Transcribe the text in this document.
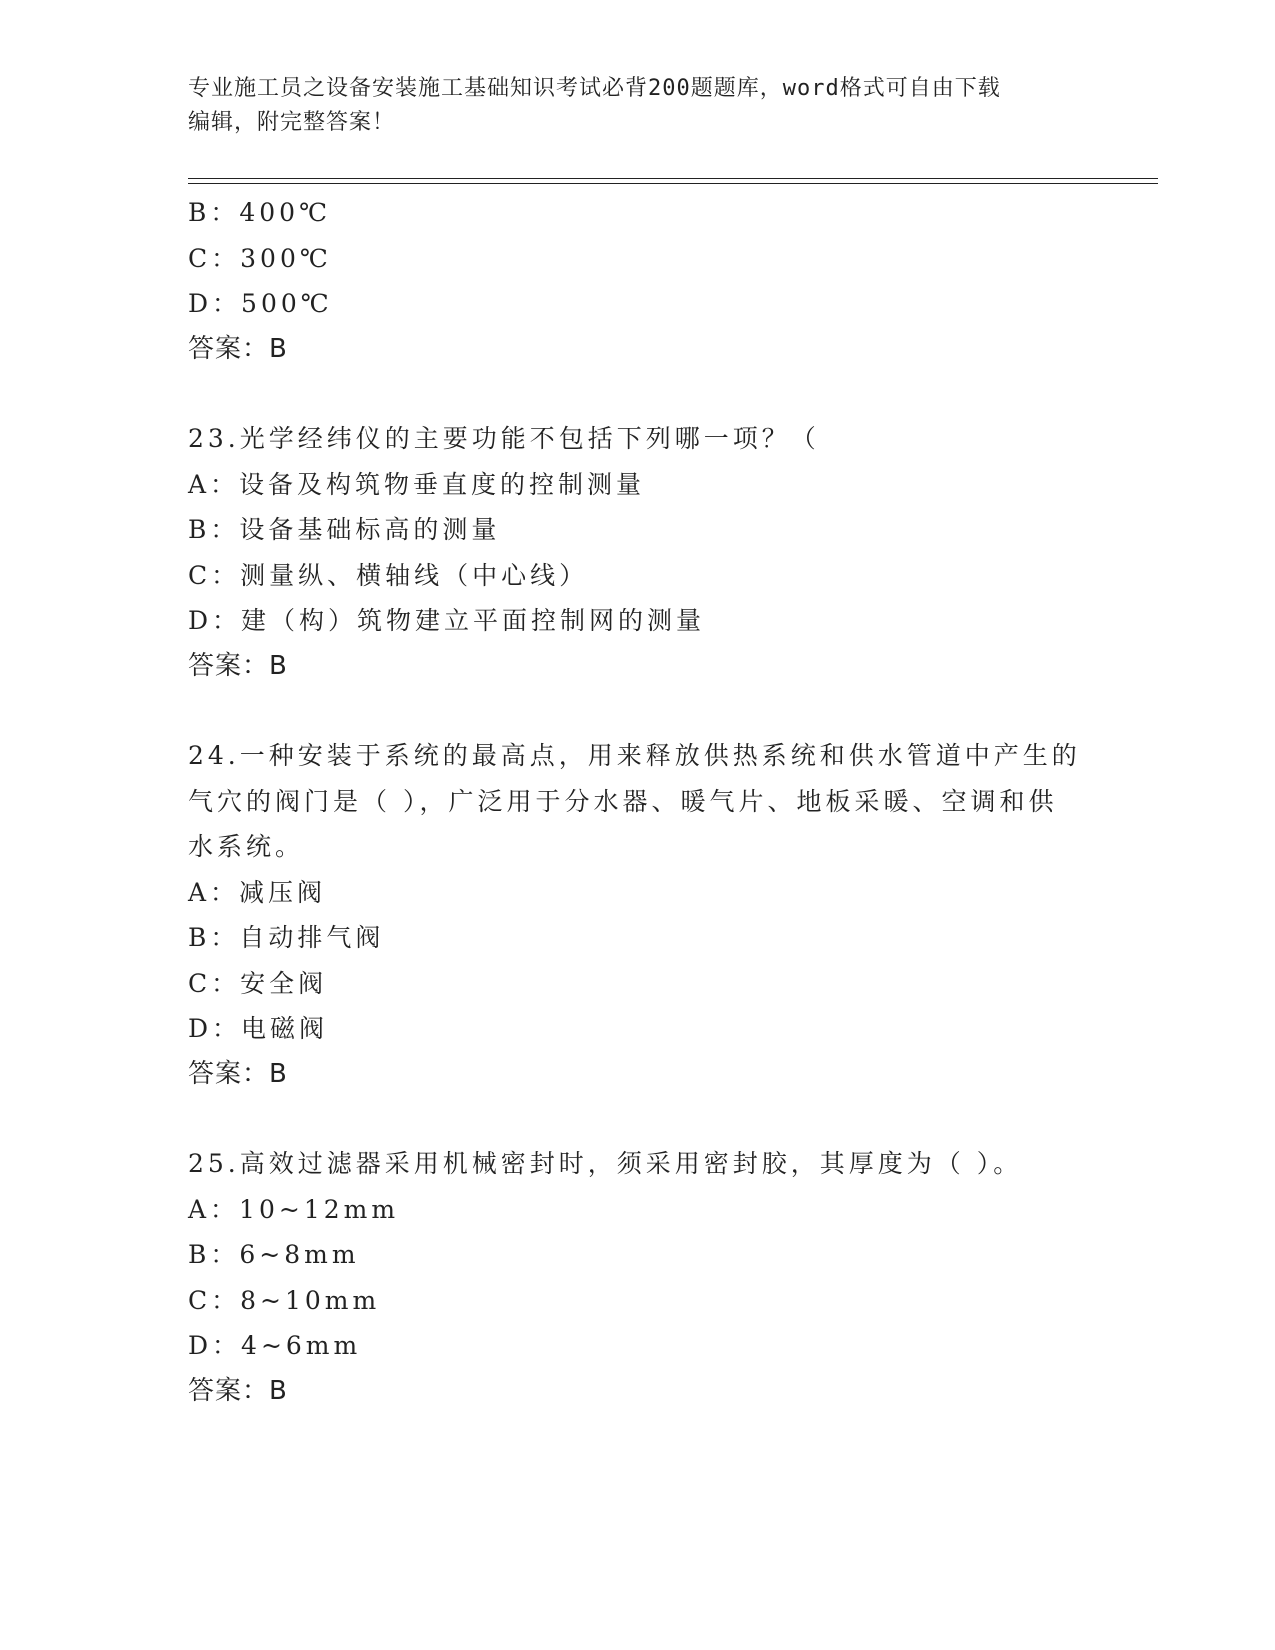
专业施工员之设备安装施工基础知识考试必背200题题库，word格式可自由下载
编辑，附完整答案！
B：400℃
C：300℃
D：500℃
答案：B
23.光学经纬仪的主要功能不包括下列哪一项？（
A：设备及构筑物垂直度的控制测量
B：设备基础标高的测量
C：测量纵、横轴线（中心线）
D：建（构）筑物建立平面控制网的测量
答案：B
24.一种安装于系统的最高点，用来释放供热系统和供水管道中产生的
气穴的阀门是（ ），广泛用于分水器、暖气片、地板采暖、空调和供
水系统。
A：减压阀
B：自动排气阀
C：安全阀
D：电磁阀
答案：B
25.高效过滤器采用机械密封时，须采用密封胶，其厚度为（ ）。
A：10~12mm
B：6~8mm
C：8~10mm
D：4~6mm
答案：B
